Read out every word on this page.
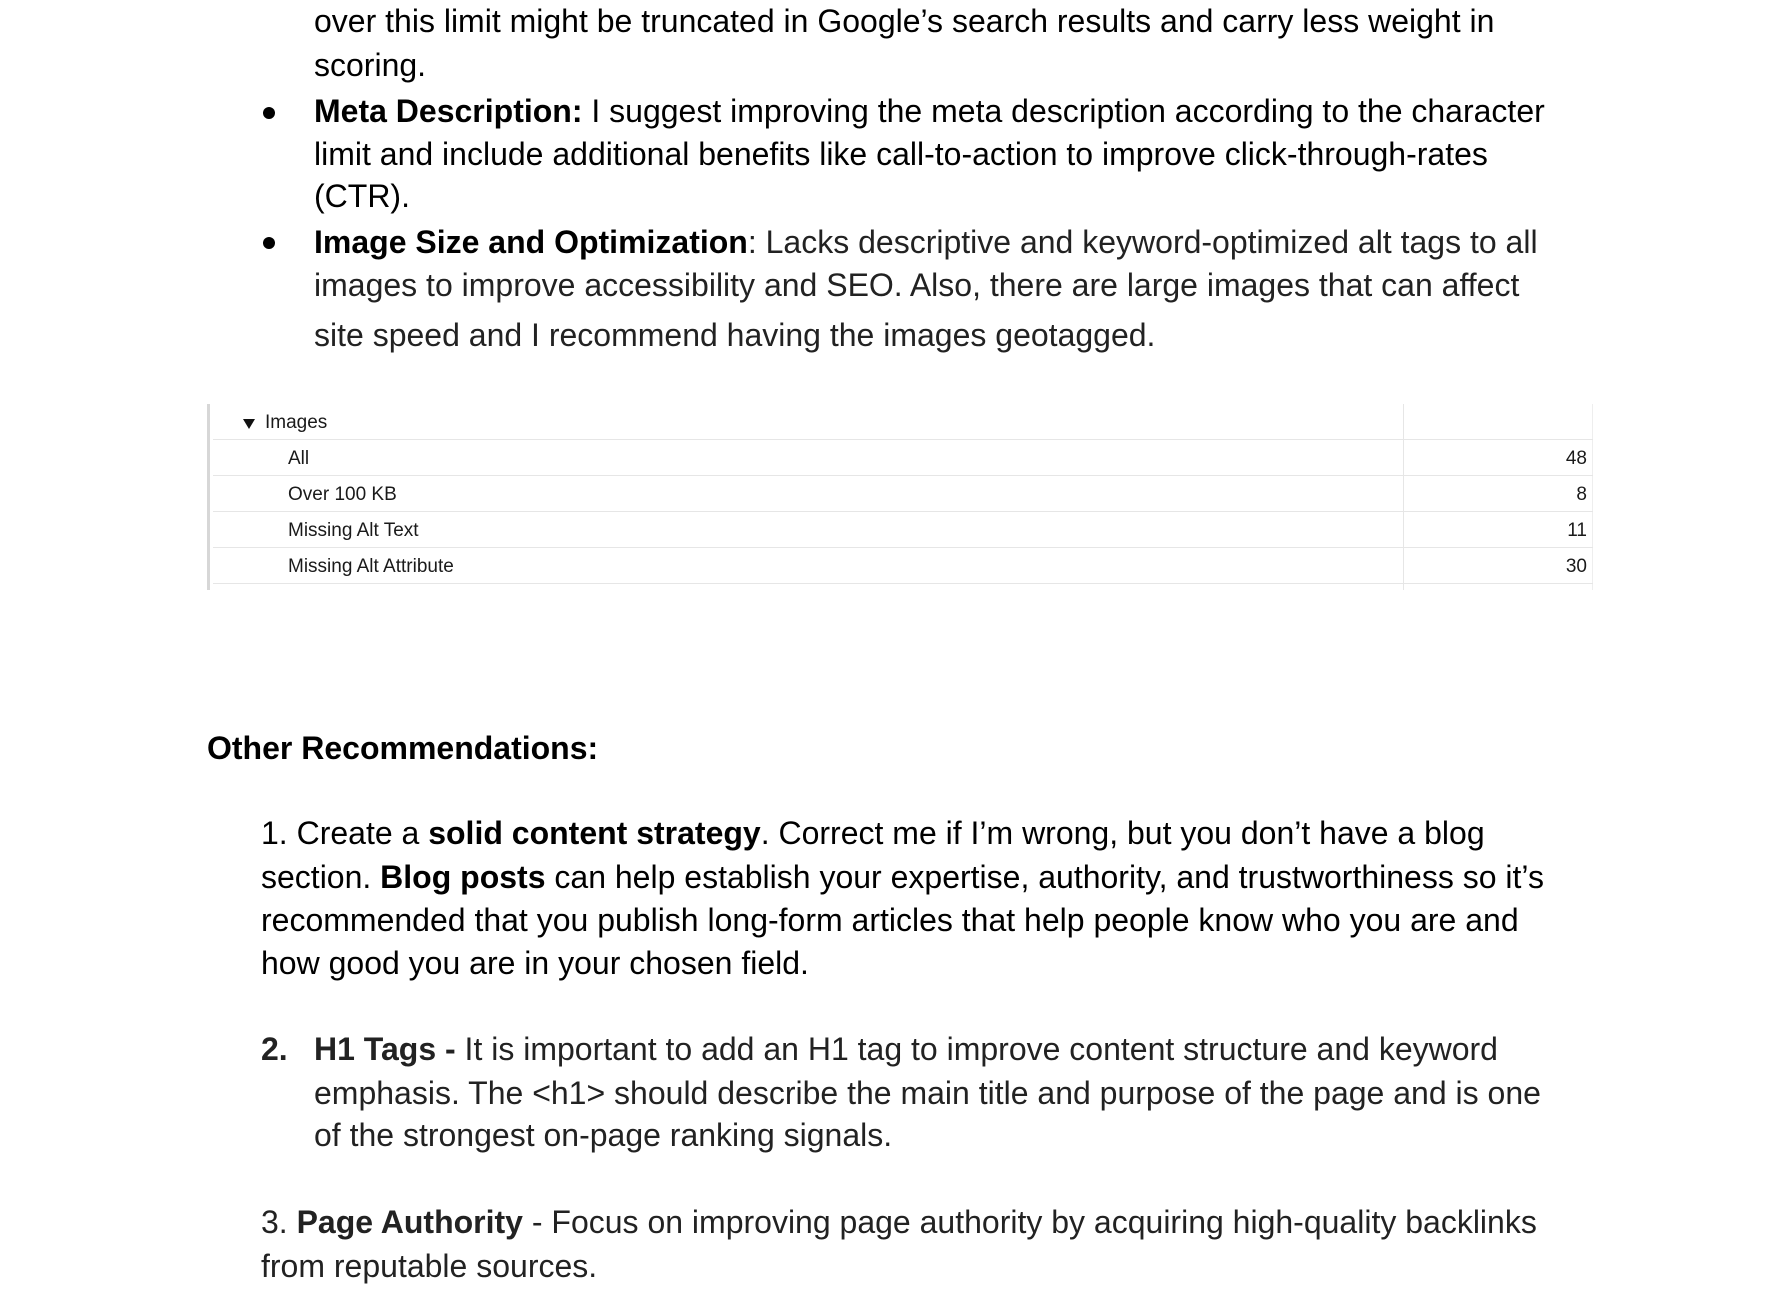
over this limit might be truncated in Google’s search results and carry less weight in
scoring.
Meta Description: I suggest improving the meta description according to the character
limit and include additional benefits like call-to-action to improve click-through-rates
(CTR).
Image Size and Optimization: Lacks descriptive and keyword-optimized alt tags to all
images to improve accessibility and SEO. Also, there are large images that can affect
site speed and I recommend having the images geotagged.
Images
All	48
Over 100 KB	8
Missing Alt Text	11
Missing Alt Attribute	30
Other Recommendations:
1. Create a solid content strategy. Correct me if I’m wrong, but you don’t have a blog
section. Blog posts can help establish your expertise, authority, and trustworthiness so it’s
recommended that you publish long-form articles that help people know who you are and
how good you are in your chosen field.
2. H1 Tags - It is important to add an H1 tag to improve content structure and keyword
emphasis. The <h1> should describe the main title and purpose of the page and is one
of the strongest on-page ranking signals.
3. Page Authority - Focus on improving page authority by acquiring high-quality backlinks
from reputable sources.
